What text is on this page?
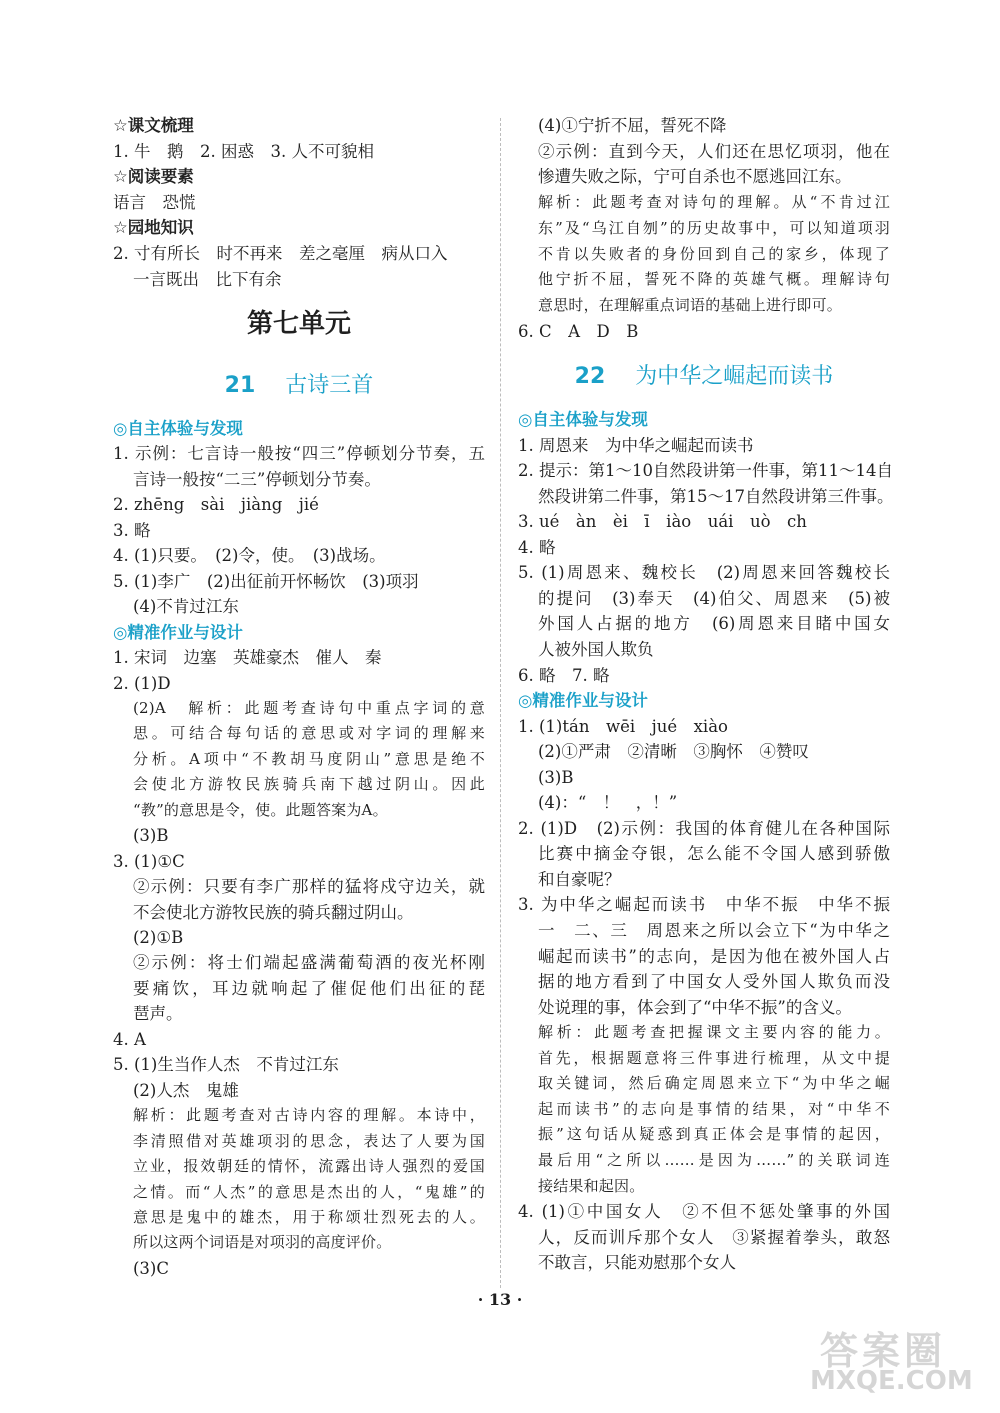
☆课文梳理
1. 牛　鹅　2. 困惑　3. 人不可貌相
☆阅读要素
语言　恐慌
☆园地知识
2. 寸有所长　时不再来　差之毫厘　病从口入
一言既出　比下有余
第七单元
21 古诗三首
◎自主体验与发现
1. 示例：七言诗一般按“四三”停顿划分节奏，五
言诗一般按“二三”停顿划分节奏。
2. zhēng　sài　jiàng　jié
3. 略
4. (1)只要。　(2)令，使。　(3)战场。
5. (1)李广　(2)出征前开怀畅饮　(3)项羽
(4)不肯过江东
◎精准作业与设计
1. 宋词　边塞　英雄豪杰　催人　秦
2. (1)D
(2)A　解析：此题考查诗句中重点字词的意
思。可结合每句话的意思或对字词的理解来
分析。A项中“不教胡马度阴山”意思是绝不
会使北方游牧民族骑兵南下越过阴山。因此
“教”的意思是令，使。此题答案为A。
(3)B
3. (1)①C
②示例：只要有李广那样的猛将戍守边关，就
不会使北方游牧民族的骑兵翻过阴山。
(2)①B
②示例：将士们端起盛满葡萄酒的夜光杯刚
要痛饮，耳边就响起了催促他们出征的琵
琶声。
4. A
5. (1)生当作人杰　不肯过江东
(2)人杰　鬼雄
解析：此题考查对古诗内容的理解。本诗中，
李清照借对英雄项羽的思念，表达了人要为国
立业，报效朝廷的情怀，流露出诗人强烈的爱国
之情。而“人杰”的意思是杰出的人，“鬼雄”的
意思是鬼中的雄杰，用于称颂壮烈死去的人。
所以这两个词语是对项羽的高度评价。
(3)C
(4)①宁折不屈，誓死不降
②示例：直到今天，人们还在思忆项羽，他在
惨遭失败之际，宁可自杀也不愿逃回江东。
解析：此题考查对诗句的理解。从“不肯过江
东”及“乌江自刎”的历史故事中，可以知道项羽
不肯以失败者的身份回到自己的家乡，体现了
他宁折不屈，誓死不降的英雄气概。理解诗句
意思时，在理解重点词语的基础上进行即可。
6. C　A　D　B
22 为中华之崛起而读书
◎自主体验与发现
1. 周恩来　为中华之崛起而读书
2. 提示：第1～10自然段讲第一件事，第11～14自
然段讲第二件事，第15～17自然段讲第三件事。
3. ué　àn　èi　ī　iào　uái　uò　ch
4. 略
5. (1)周恩来、魏校长　(2)周恩来回答魏校长
的提问　(3)奉天　(4)伯父、周恩来　(5)被
外国人占据的地方　(6)周恩来目睹中国女
人被外国人欺负
6. 略　7. 略
◎精准作业与设计
1. (1)tán　wēi　jué　xiào
(2)①严肃　②清晰　③胸怀　④赞叹
(3)B
(4)：“　！　，！”
2. (1)D　(2)示例：我国的体育健儿在各种国际
比赛中摘金夺银，怎么能不令国人感到骄傲
和自豪呢？
3. 为中华之崛起而读书　中华不振　中华不振
一　二、三　周恩来之所以会立下“为中华之
崛起而读书”的志向，是因为他在被外国人占
据的地方看到了中国女人受外国人欺负而没
处说理的事，体会到了“中华不振”的含义。
解析：此题考查把握课文主要内容的能力。
首先，根据题意将三件事进行梳理，从文中提
取关键词，然后确定周恩来立下“为中华之崛
起而读书”的志向是事情的结果，对“中华不
振”这句话从疑惑到真正体会是事情的起因，
最后用“之所以……是因为……”的关联词连
接结果和起因。
4. (1)①中国女人　②不但不惩处肇事的外国
人，反而训斥那个女人　③紧握着拳头，敢怒
不敢言，只能劝慰那个女人
· 13 ·
答案圈
MXQE.COM
